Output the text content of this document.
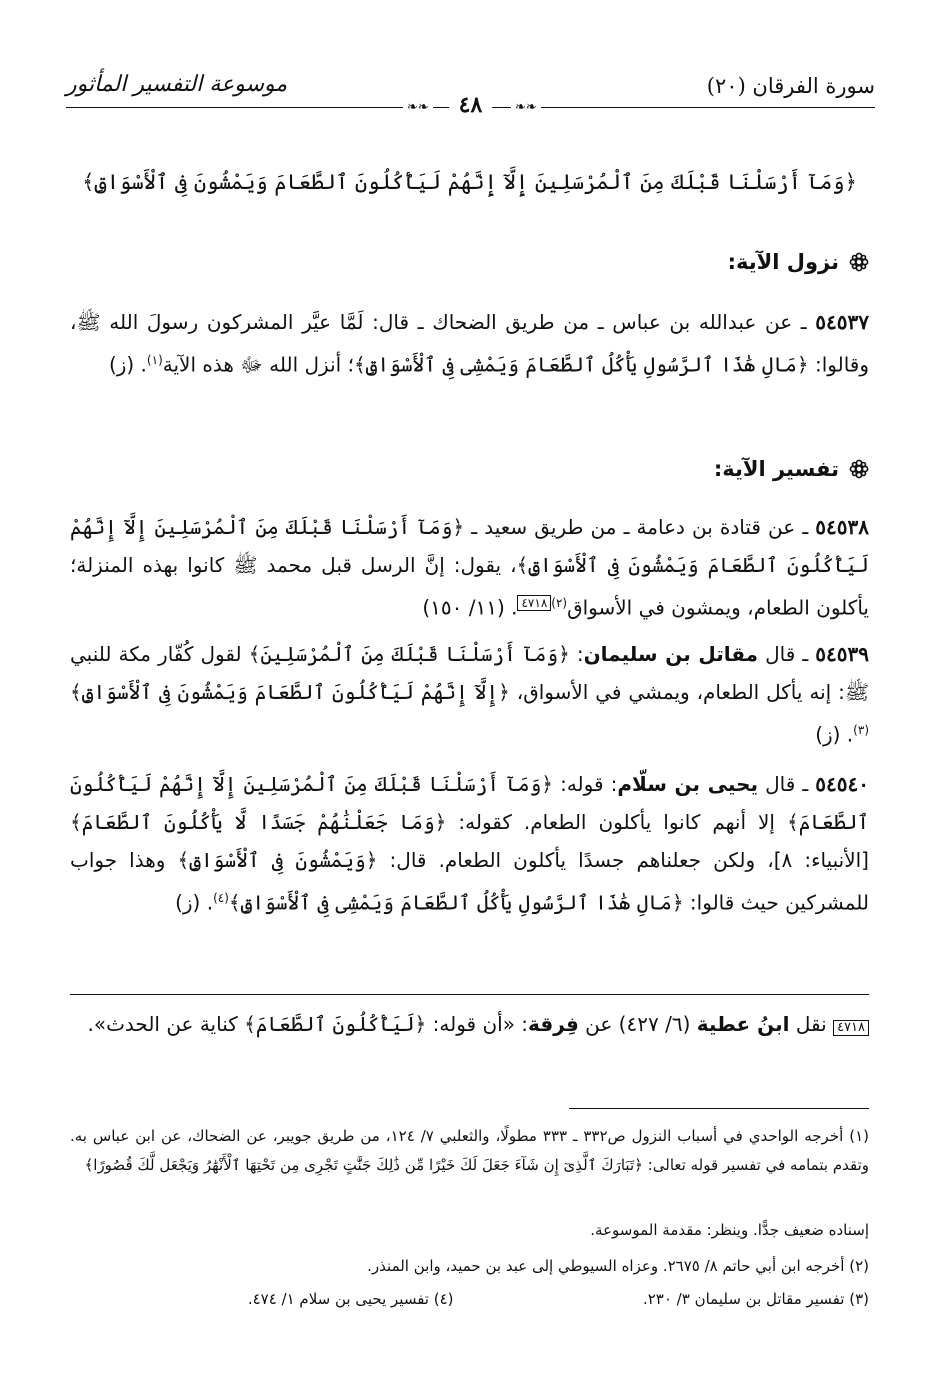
سورة الفرقان (٢٠)
موسوعة التفسير المأثور
❧❧	❧❧
٤٨
﴿وَمَآ أَرْسَلْنَا قَبْلَكَ مِنَ ٱلْمُرْسَلِينَ إِلَّآ إِنَّهُمْ لَيَأْكُلُونَ ٱلطَّعَامَ وَيَمْشُونَ فِى ٱلْأَسْوَاقِ﴾
نزول الآية:
٥٤٥٣٧ ـ عن عبدالله بن عباس ـ من طريق الضحاك ـ قال: لَمَّا عيَّر المشركون رسولَ الله ﷺ، وقالوا: ﴿مَالِ هَٰذَا ٱلرَّسُولِ يَأْكُلُ ٱلطَّعَامَ وَيَمْشِى فِى ٱلْأَسْوَاقِ﴾؛ أنزل الله ﷻ هذه الآية$^{(١)}$. (ز)
تفسير الآية:
٥٤٥٣٨ ـ عن قتادة بن دعامة ـ من طريق سعيد ـ ﴿وَمَآ أَرْسَلْنَا قَبْلَكَ مِنَ ٱلْمُرْسَلِينَ إِلَّآ إِنَّهُمْ لَيَأْكُلُونَ ٱلطَّعَامَ وَيَمْشُونَ فِى ٱلْأَسْوَاقِ﴾، يقول: إنَّ الرسل قبل محمد ﷺ كانوا بهذه المنزلة؛ يأكلون الطعام، ويمشون في الأسواق$^{(٢)}$٤٧١٨. (١١/ ١٥٠)
٥٤٥٣٩ ـ قال مقاتل بن سليمان: ﴿وَمَآ أَرْسَلْنَا قَبْلَكَ مِنَ ٱلْمُرْسَلِينَ﴾ لقول كُفّار مكة للنبي ﷺ: إنه يأكل الطعام، ويمشي في الأسواق، ﴿إِلَّآ إِنَّهُمْ لَيَأْكُلُونَ ٱلطَّعَامَ وَيَمْشُونَ فِى ٱلْأَسْوَاقِ﴾$^{(٣)}$. (ز)
٥٤٥٤٠ ـ قال يحيى بن سلّام: قوله: ﴿وَمَآ أَرْسَلْنَا قَبْلَكَ مِنَ ٱلْمُرْسَلِينَ إِلَّآ إِنَّهُمْ لَيَأْكُلُونَ ٱلطَّعَامَ﴾ إلا أنهم كانوا يأكلون الطعام. كقوله: ﴿وَمَا جَعَلْنَٰهُمْ جَسَدًا لَّا يَأْكُلُونَ ٱلطَّعَامَ﴾ [الأنبياء: ٨]، ولكن جعلناهم جسدًا يأكلون الطعام. قال: ﴿وَيَمْشُونَ فِى ٱلْأَسْوَاقِ﴾ وهذا جواب للمشركين حيث قالوا: ﴿مَالِ هَٰذَا ٱلرَّسُولِ يَأْكُلُ ٱلطَّعَامَ وَيَمْشِى فِى ٱلْأَسْوَاقِ﴾$^{(٤)}$. (ز)
٤٧١٨ نقل ابنُ عطية (٦/ ٤٢٧) عن فِرقة: «أن قوله: ﴿لَيَأْكُلُونَ ٱلطَّعَامَ﴾ كناية عن الحدث».
(١) أخرجه الواحدي في أسباب النزول ص٣٣٢ ـ ٣٣٣ مطولًا، والثعلبي ٧/ ١٢٤، من طريق جويبر، عن الضحاك، عن ابن عباس به. وتقدم بتمامه في تفسير قوله تعالى: ﴿تَبَارَكَ ٱلَّذِىٓ إِن شَآءَ جَعَلَ لَكَ خَيْرًا مِّن ذَٰلِكَ جَنَّٰتٍ تَجْرِى مِن تَحْتِهَا ٱلْأَنْهَٰرُ وَيَجْعَل لَّكَ قُصُورًا﴾
إسناده ضعيف جدًّا. وينظر: مقدمة الموسوعة.
(٢) أخرجه ابن أبي حاتم ٨/ ٢٦٧٥. وعزاه السيوطي إلى عبد بن حميد، وابن المنذر.
(٣) تفسير مقاتل بن سليمان ٣/ ٢٣٠.
(٤) تفسير يحيى بن سلام ١/ ٤٧٤.
